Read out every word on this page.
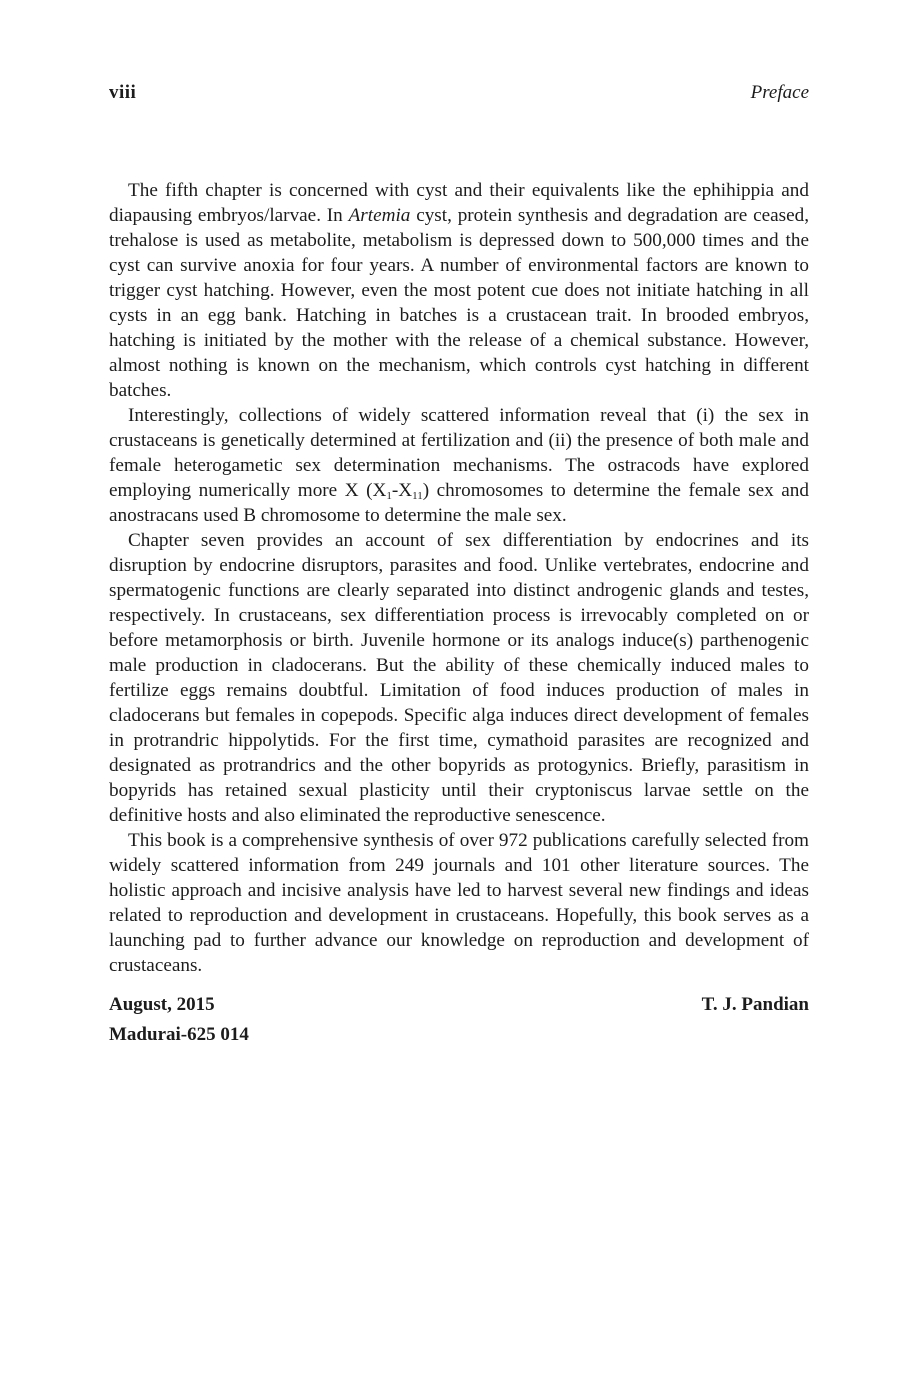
viii	Preface

The fifth chapter is concerned with cyst and their equivalents like the ephihippia and diapausing embryos/larvae. In Artemia cyst, protein synthesis and degradation are ceased, trehalose is used as metabolite, metabolism is depressed down to 500,000 times and the cyst can survive anoxia for four years. A number of environmental factors are known to trigger cyst hatching. However, even the most potent cue does not initiate hatching in all cysts in an egg bank. Hatching in batches is a crustacean trait. In brooded embryos, hatching is initiated by the mother with the release of a chemical substance. However, almost nothing is known on the mechanism, which controls cyst hatching in different batches.

Interestingly, collections of widely scattered information reveal that (i) the sex in crustaceans is genetically determined at fertilization and (ii) the presence of both male and female heterogametic sex determination mechanisms. The ostracods have explored employing numerically more X $(X_1-X_{11})$ chromosomes to determine the female sex and anostracans used B chromosome to determine the male sex.

Chapter seven provides an account of sex differentiation by endocrines and its disruption by endocrine disruptors, parasites and food. Unlike vertebrates, endocrine and spermatogenic functions are clearly separated into distinct androgenic glands and testes, respectively. In crustaceans, sex differentiation process is irrevocably completed on or before metamorphosis or birth. Juvenile hormone or its analogs induce(s) parthenogenic male production in cladocerans. But the ability of these chemically induced males to fertilize eggs remains doubtful. Limitation of food induces production of males in cladocerans but females in copepods. Specific alga induces direct development of females in protrandric hippolytids. For the first time, cymathoid parasites are recognized and designated as protrandrics and the other bopyrids as protogynics. Briefly, parasitism in bopyrids has retained sexual plasticity until their cryptoniscus larvae settle on the definitive hosts and also eliminated the reproductive senescence.

This book is a comprehensive synthesis of over 972 publications carefully selected from widely scattered information from 249 journals and 101 other literature sources. The holistic approach and incisive analysis have led to harvest several new findings and ideas related to reproduction and development in crustaceans. Hopefully, this book serves as a launching pad to further advance our knowledge on reproduction and development of crustaceans.

August, 2015	T. J. Pandian
Madurai-625 014
